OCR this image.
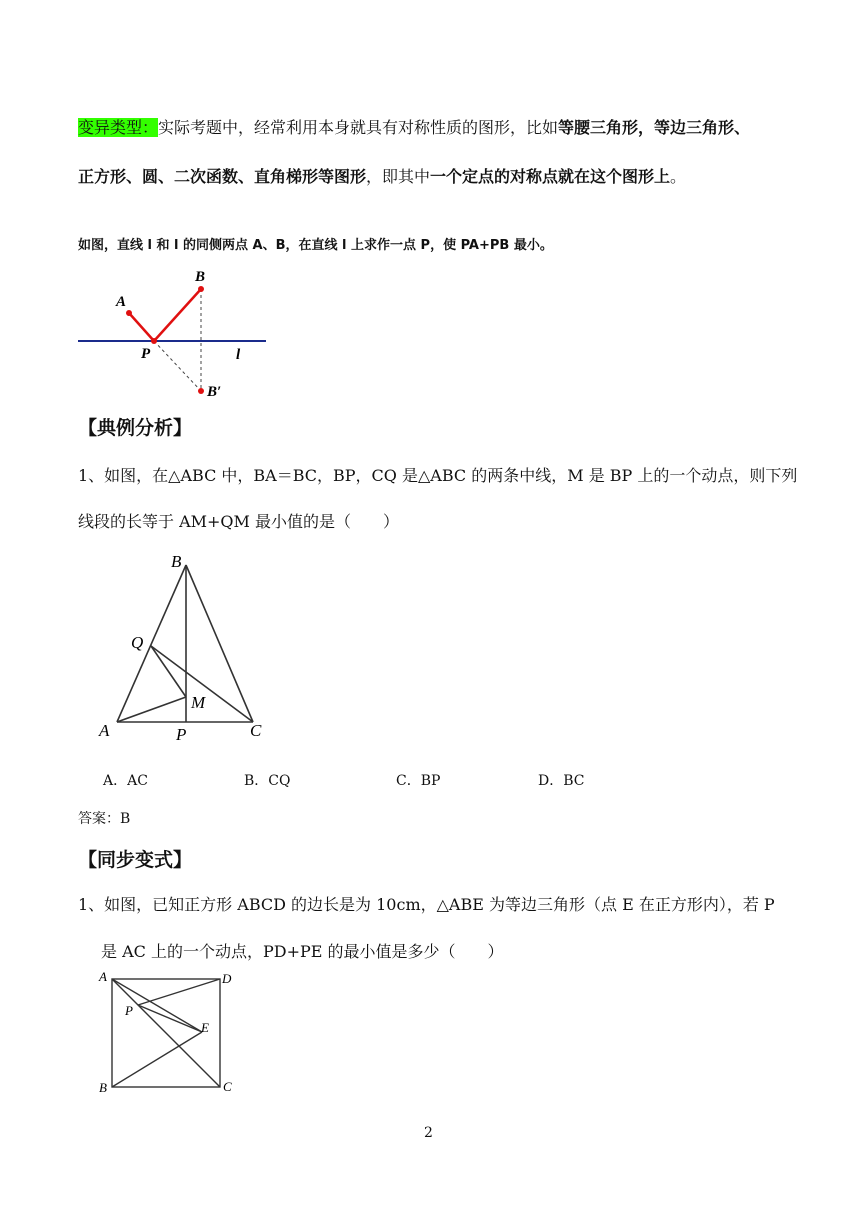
变异类型：实际考题中，经常利用本身就具有对称性质的图形，比如等腰三角形，等边三角形、
正方形、圆、二次函数、直角梯形等图形，即其中一个定点的对称点就在这个图形上。
如图，直线 l 和 l 的同侧两点 A、B，在直线 l 上求作一点 P，使 PA+PB 最小。
A
B
P	l
B′
【典例分析】
1、如图，在△ABC 中，BA＝BC，BP，CQ 是△ABC 的两条中线，M 是 BP 上的一个动点，则下列
线段的长等于 AM+QM 最小值的是（　　）
B
Q
M
A	P	C
A．AC	B．CQ	C．BP	D．BC
答案：B
【同步变式】
1、如图，已知正方形 ABCD 的边长是为 10cm，△ABE 为等边三角形（点 E 在正方形内），若 P
是 AC 上的一个动点，PD+PE 的最小值是多少（　　）
A	D
P
E
B	C
2
